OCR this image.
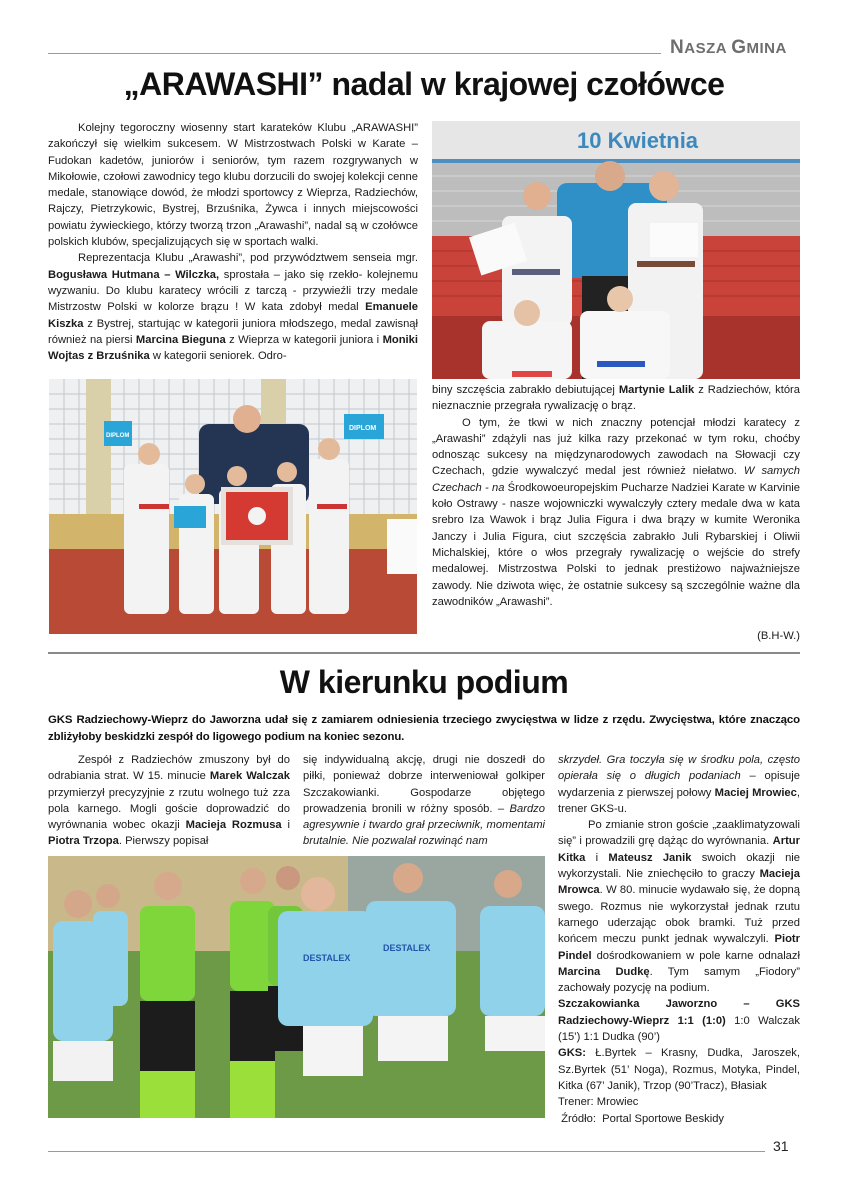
NASZA GMINA
„ARAWASHI” nadal w krajowej czołówce

Kolejny tegoroczny wiosenny start karateków Klubu „ARAWASHI” zakończył się wielkim sukcesem. W Mistrzostwach Polski w Karate – Fudokan kadetów, juniorów i seniorów, tym razem rozgrywanych w Mikołowie, czołowi zawodnicy tego klubu dorzucili do swojej kolekcji cenne medale, stanowiące dowód, że młodzi sportowcy z Wieprza, Radziechów, Rajczy, Pietrzykowic, Bystrej, Brzuśnika, Żywca i innych miejscowości powiatu żywieckiego, którzy tworzą trzon „Arawashi”, nadal są w czołówce polskich klubów, specjalizujących się w sportach walki.

Reprezentacja Klubu „Arawashi”, pod przywództwem senseia mgr. Bogusława Hutmana – Wilczka, sprostała – jako się rzekło- kolejnemu wyzwaniu. Do klubu karatecy wrócili z tarczą - przywieźli trzy medale Mistrzostw Polski w kolorze brązu ! W kata zdobył medal Emanuele Kiszka z Bystrej, startując w kategorii juniora młodszego, medal zawisnął również na piersi Marcina Bieguna z Wieprza w kategorii juniora i Moniki Wojtas z Brzuśnika w kategorii seniorek. Odro-

10 Kwietnia
DIPLOM
DIPLOM

biny szczęścia zabrakło debiutującej Martynie Lalik z Radziechów, która nieznacznie przegrała rywalizację o brąz.

O tym, że tkwi w nich znaczny potencjał młodzi karatecy z „Arawashi” zdążyli nas już kilka razy przekonać w tym roku, choćby odnosząc sukcesy na międzynarodowych zawodach na Słowacji czy Czechach, gdzie wywalczyć medal jest również niełatwo. W samych Czechach - na Środkowoeuropejskim Pucharze Nadziei Karate w Karvinie koło Ostrawy - nasze wojowniczki wywalczyły cztery medale dwa w kata srebro Iza Wawok i brąz Julia Figura i dwa brązy w kumite Weronika Janczy i Julia Figura, ciut szczęścia zabrakło Juli Rybarskiej i Oliwii Michalskiej, które o włos przegrały rywalizację o wejście do strefy medalowej. Mistrzostwa Polski to jednak prestiżowo najważniejsze zawody. Nie dziwota więc, że ostatnie sukcesy są szczególnie ważne dla zawodników „Arawashi”.

(B.H-W.)

W kierunku podium
GKS Radziechowy-Wieprz do Jaworzna udał się z zamiarem odniesienia trzeciego zwycięstwa w lidze z rzędu. Zwycięstwa, które znacząco zbliżyłoby beskidzki zespół do ligowego podium na koniec sezonu.

Zespół z Radziechów zmuszony był do odrabiania strat. W 15. minucie Marek Walczak przymierzył precyzyjnie z rzutu wolnego tuż zza pola karnego. Mogli goście doprowadzić do wyrównania wobec okazji Macieja Rozmusa i Piotra Trzopa. Pierwszy popisał

się indywidualną akcję, drugi nie doszedł do piłki, ponieważ dobrze interweniował golkiper Szczakowianki. Gospodarze objętego prowadzenia bronili w różny sposób. – Bardzo agresywnie i twardo grał przeciwnik, momentami brutalnie. Nie pozwalał rozwinąć nam

DESTALEX
DESTALEX

skrzydeł. Gra toczyła się w środku pola, często opierała się o długich podaniach – opisuje wydarzenia z pierwszej połowy Maciej Mrowiec, trener GKS-u.

Po zmianie stron goście „zaaklimatyzowali się” i prowadzili grę dążąc do wyrównania. Artur Kitka i Mateusz Janik swoich okazji nie wykorzystali. Nie zniechęciło to graczy Macieja Mrowca. W 80. minucie wydawało się, że dopną swego. Rozmus nie wykorzystał jednak rzutu karnego uderzając obok bramki. Tuż przed końcem meczu punkt jednak wywalczyli. Piotr Pindel dośrodkowaniem w pole karne odnalazł Marcina Dudkę. Tym samym „Fiodory” zachowały pozycję na podium.

Szczakowianka Jaworzno – GKS Radziechowy-Wieprz 1:1 (1:0) 1:0 Walczak (15’) 1:1 Dudka (90’)

GKS: Ł.Byrtek – Krasny, Dudka, Jaroszek, Sz.Byrtek (51’ Noga), Rozmus, Motyka, Pindel, Kitka (67’ Janik), Trzop (90’Tracz), Błasiak

Trener: Mrowiec

Źródło:  Portal Sportowe Beskidy

31
